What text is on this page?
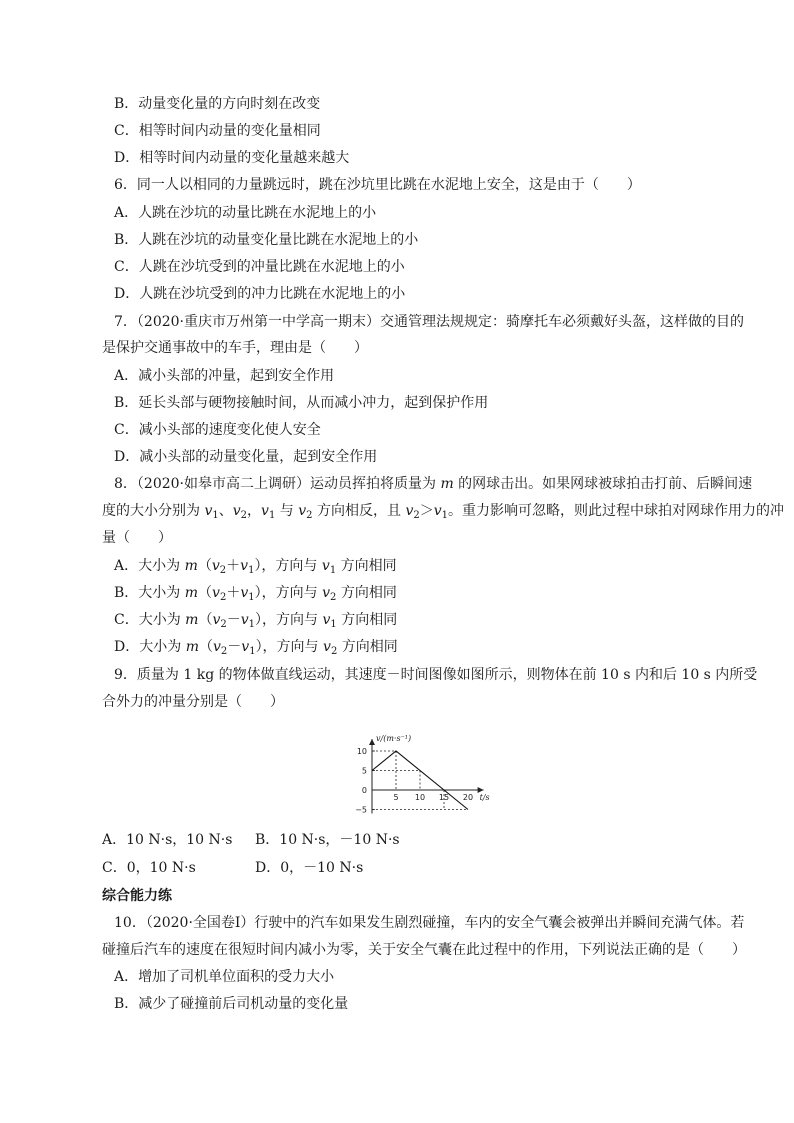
B．动量变化量的方向时刻在改变
C．相等时间内动量的变化量相同
D．相等时间内动量的变化量越来越大
6．同一人以相同的力量跳远时，跳在沙坑里比跳在水泥地上安全，这是由于（　　）
A．人跳在沙坑的动量比跳在水泥地上的小
B．人跳在沙坑的动量变化量比跳在水泥地上的小
C．人跳在沙坑受到的冲量比跳在水泥地上的小
D．人跳在沙坑受到的冲力比跳在水泥地上的小
7．（2020·重庆市万州第一中学高一期末）交通管理法规规定：骑摩托车必须戴好头盔，这样做的目的
是保护交通事故中的车手，理由是（　　）
A．减小头部的冲量，起到安全作用
B．延长头部与硬物接触时间，从而减小冲力，起到保护作用
C．减小头部的速度变化使人安全
D．减小头部的动量变化量，起到安全作用
8．（2020·如皋市高二上调研）运动员挥拍将质量为 m 的网球击出。如果网球被球拍击打前、后瞬间速
度的大小分别为 $v_1$、$v_2$，$v_1$ 与 $v_2$ 方向相反，且 $v_2>v_1$。重力影响可忽略，则此过程中球拍对网球作用力的冲
量（　　）
A．大小为 $m(v_2+v_1)$，方向与 $v_1$ 方向相同
B．大小为 $m(v_2+v_1)$，方向与 $v_2$ 方向相同
C．大小为 $m(v_2-v_1)$，方向与 $v_1$ 方向相同
D．大小为 $m(v_2-v_1)$，方向与 $v_2$ 方向相同
9．质量为 1 kg 的物体做直线运动，其速度－时间图像如图所示，则物体在前 10 s 内和后 10 s 内所受
合外力的冲量分别是（　　）
v/(m·s⁻¹)
t/s
5 10 15 20
10
5
0
−5
A．10 N·s，10 N·s B．10 N·s，－10 N·s
C．0，10 N·s	D．0，－10 N·s
综合能力练
10．（2020·全国卷Ⅰ）行驶中的汽车如果发生剧烈碰撞，车内的安全气囊会被弹出并瞬间充满气体。若
碰撞后汽车的速度在很短时间内减小为零，关于安全气囊在此过程中的作用，下列说法正确的是（　　）
A．增加了司机单位面积的受力大小
B．减少了碰撞前后司机动量的变化量
